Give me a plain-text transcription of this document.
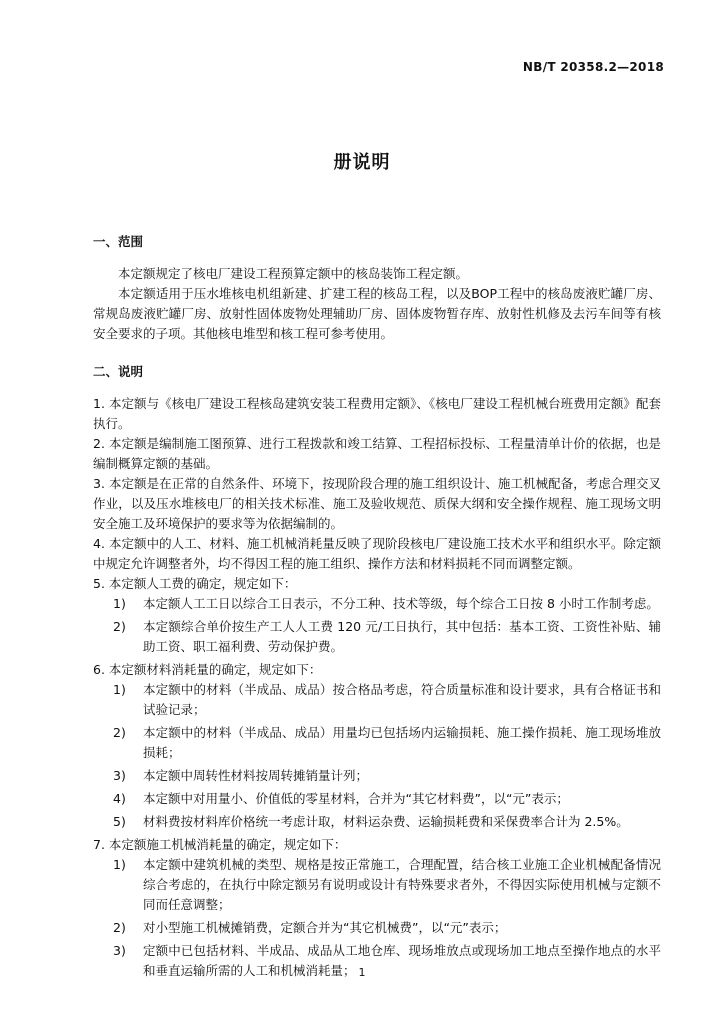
NB/T 20358.2—2018
册说明

一、范围

本定额规定了核电厂建设工程预算定额中的核岛装饰工程定额。

本定额适用于压水堆核电机组新建、扩建工程的核岛工程，以及BOP工程中的核岛废液贮罐厂房、常规岛废液贮罐厂房、放射性固体废物处理辅助厂房、固体废物暂存库、放射性机修及去污车间等有核安全要求的子项。其他核电堆型和核工程可参考使用。

二、说明

1. 本定额与《核电厂建设工程核岛建筑安装工程费用定额》、《核电厂建设工程机械台班费用定额》配套执行。

2. 本定额是编制施工图预算、进行工程拨款和竣工结算、工程招标投标、工程量清单计价的依据，也是编制概算定额的基础。

3. 本定额是在正常的自然条件、环境下，按现阶段合理的施工组织设计、施工机械配备，考虑合理交叉作业，以及压水堆核电厂的相关技术标准、施工及验收规范、质保大纲和安全操作规程、施工现场文明安全施工及环境保护的要求等为依据编制的。

4. 本定额中的人工、材料、施工机械消耗量反映了现阶段核电厂建设施工技术水平和组织水平。除定额中规定允许调整者外，均不得因工程的施工组织、操作方法和材料损耗不同而调整定额。

5. 本定额人工费的确定，规定如下：

1)	本定额人工工日以综合工日表示，不分工种、技术等级，每个综合工日按 8 小时工作制考虑。
2)	本定额综合单价按生产工人人工费 120 元/工日执行，其中包括：基本工资、工资性补贴、辅助工资、职工福利费、劳动保护费。

6. 本定额材料消耗量的确定，规定如下：

1)	本定额中的材料（半成品、成品）按合格品考虑，符合质量标准和设计要求，具有合格证书和试验记录；
2)	本定额中的材料（半成品、成品）用量均已包括场内运输损耗、施工操作损耗、施工现场堆放损耗；
3)	本定额中周转性材料按周转摊销量计列；
4)	本定额中对用量小、价值低的零星材料，合并为“其它材料费”，以“元”表示；
5)	材料费按材料库价格统一考虑计取，材料运杂费、运输损耗费和采保费率合计为 2.5%。

7. 本定额施工机械消耗量的确定，规定如下：

1)	本定额中建筑机械的类型、规格是按正常施工，合理配置，结合核工业施工企业机械配备情况综合考虑的，在执行中除定额另有说明或设计有特殊要求者外，不得因实际使用机械与定额不同而任意调整；
2)	对小型施工机械摊销费，定额合并为“其它机械费”，以“元”表示；
3)	定额中已包括材料、半成品、成品从工地仓库、现场堆放点或现场加工地点至操作地点的水平和垂直运输所需的人工和机械消耗量； 1
